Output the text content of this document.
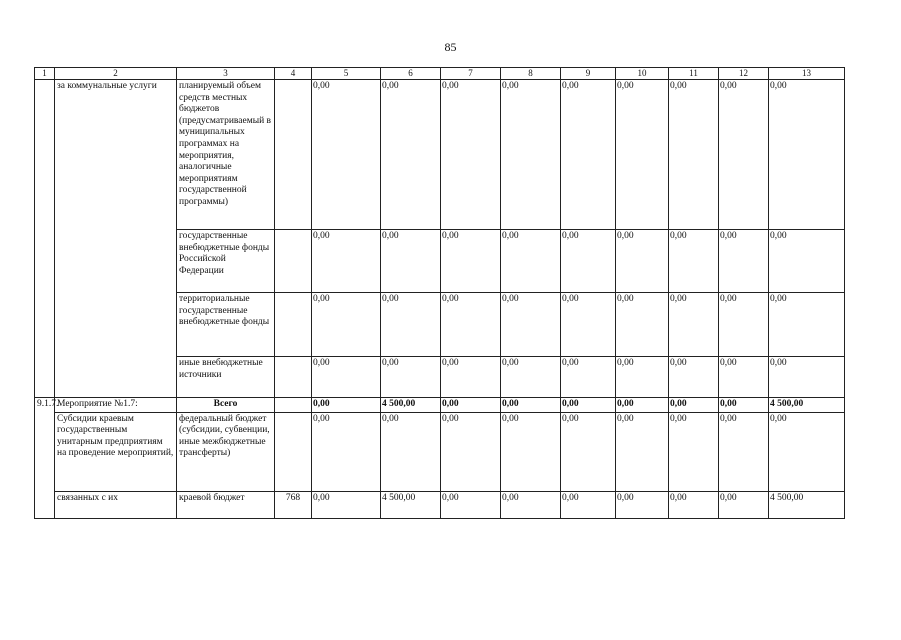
85
1	2	3	4	5	6	7	8	9	10	11	12	13
	за коммунальные услуги	планируемый объем средств местных бюджетов (предусматриваемый в муниципальных программах на мероприятия, аналогичные мероприятиям государственной программы)		0,00	0,00	0,00	0,00	0,00	0,00	0,00	0,00	0,00
		государственные внебюджетные фонды Российской Федерации		0,00	0,00	0,00	0,00	0,00	0,00	0,00	0,00	0,00
		территориальные государственные внебюджетные фонды		0,00	0,00	0,00	0,00	0,00	0,00	0,00	0,00	0,00
		иные внебюджетные источники		0,00	0,00	0,00	0,00	0,00	0,00	0,00	0,00	0,00
9.1.7.	Мероприятие №1.7:	Всего		0,00	4 500,00	0,00	0,00	0,00	0,00	0,00	0,00	4 500,00
	Субсидии краевым государственным унитарным предприятиям на проведение мероприятий,	федеральный бюджет (субсидии, субвенции, иные межбюджетные трансферты)		0,00	0,00	0,00	0,00	0,00	0,00	0,00	0,00	0,00
	связанных с их	краевой бюджет	768	0,00	4 500,00	0,00	0,00	0,00	0,00	0,00	0,00	4 500,00
